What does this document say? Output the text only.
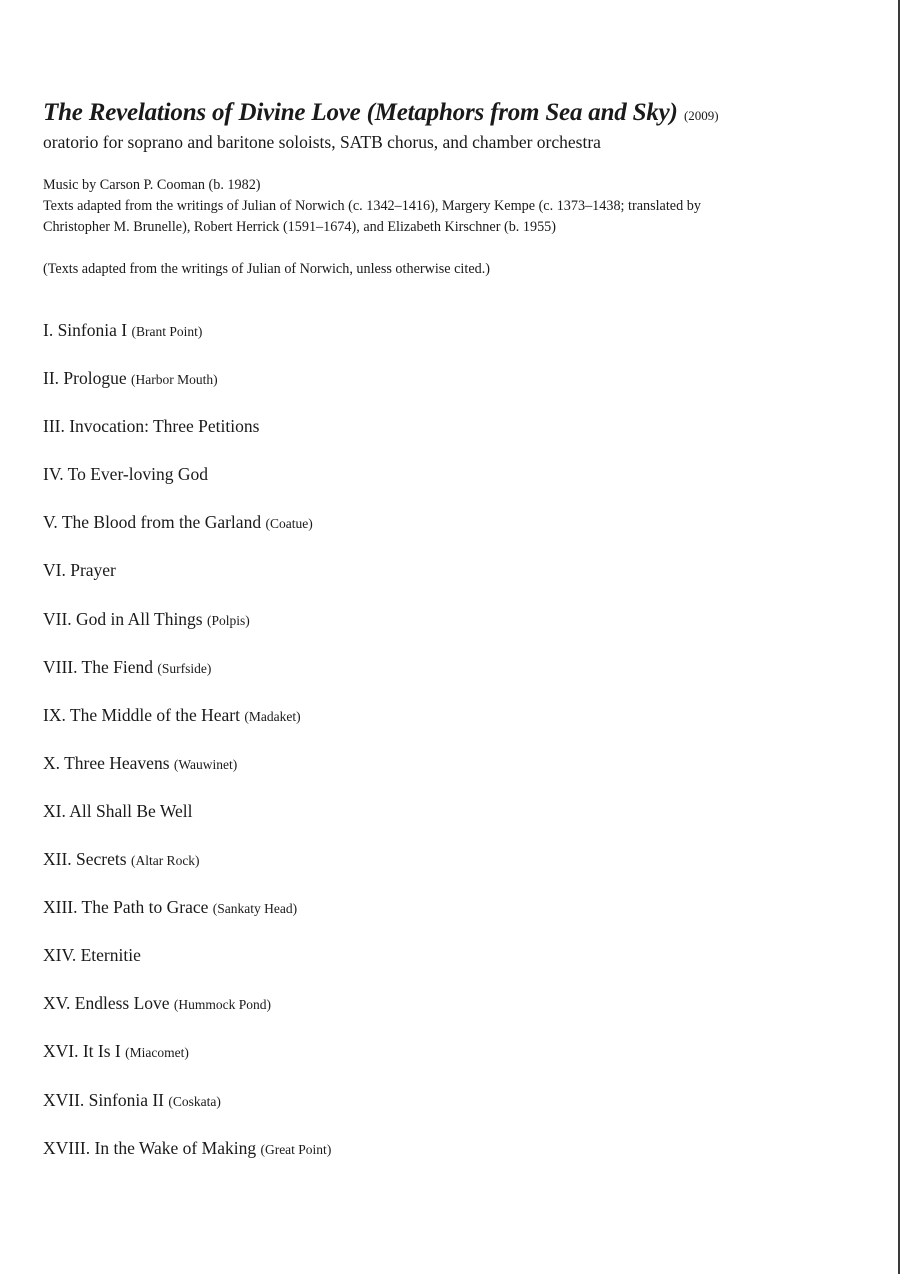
The Revelations of Divine Love (Metaphors from Sea and Sky) (2009)
oratorio for soprano and baritone soloists, SATB chorus, and chamber orchestra
Music by Carson P. Cooman (b. 1982)
Texts adapted from the writings of Julian of Norwich (c. 1342–1416), Margery Kempe (c. 1373–1438; translated by
Christopher M. Brunelle), Robert Herrick (1591–1674), and Elizabeth Kirschner (b. 1955)
(Texts adapted from the writings of Julian of Norwich, unless otherwise cited.)
I. Sinfonia I (Brant Point)
II. Prologue (Harbor Mouth)
III. Invocation: Three Petitions
IV. To Ever-loving God
V. The Blood from the Garland (Coatue)
VI. Prayer
VII. God in All Things (Polpis)
VIII. The Fiend (Surfside)
IX. The Middle of the Heart (Madaket)
X. Three Heavens (Wauwinet)
XI. All Shall Be Well
XII. Secrets (Altar Rock)
XIII. The Path to Grace (Sankaty Head)
XIV. Eternitie
XV. Endless Love (Hummock Pond)
XVI. It Is I (Miacomet)
XVII. Sinfonia II (Coskata)
XVIII. In the Wake of Making (Great Point)
